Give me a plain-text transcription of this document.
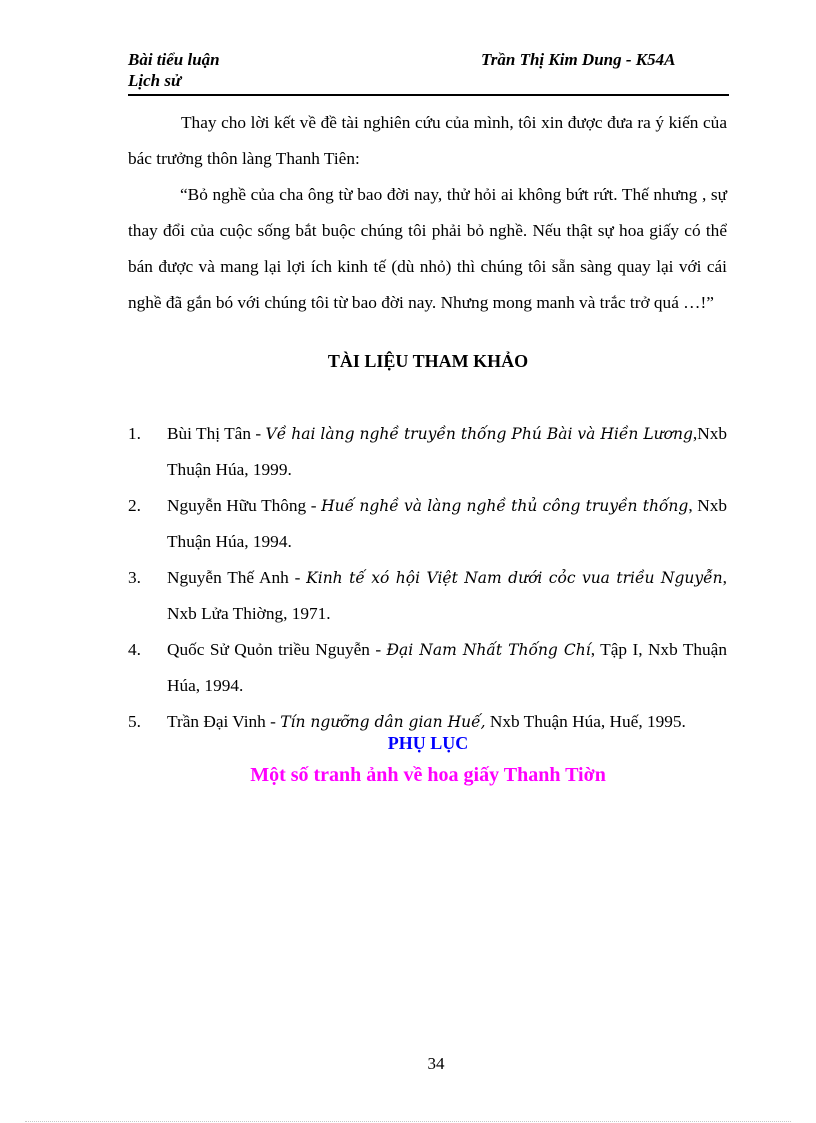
Bài tiểu luận
Lịch sử
Trần Thị Kim Dung - K54A

Thay cho lời kết về đề tài nghiên cứu của mình, tôi xin được đưa ra ý kiến của bác trưởng thôn làng Thanh Tiên:

“Bỏ nghề của cha ông từ bao đời nay, thử hỏi ai không bứt rứt. Thế nhưng , sự thay đổi của cuộc sống bắt buộc chúng tôi phải bỏ nghề. Nếu thật sự hoa giấy có thể bán được và mang lại lợi ích kinh tế (dù nhỏ) thì chúng tôi sẵn sàng quay lại với cái nghề đã gắn bó với chúng tôi từ bao đời nay. Nhưng mong manh và trắc trở quá …!”

TÀI LIỆU THAM KHẢO
1. Bùi Thị Tân - Về hai làng nghề truyền thống Phú Bài và Hiền Lương,Nxb Thuận Húa, 1999.
2. Nguyễn Hữu Thông - Huế nghề và làng nghề thủ công truyền thống, Nxb Thuận Húa, 1994.
3. Nguyễn Thế Anh - Kinh tế xó hội Việt Nam dưới cỏc vua triều Nguyễn, Nxb Lửa Thiờng, 1971.
4. Quốc Sử Quỏn triều Nguyễn - Đại Nam Nhất Thống Chí, Tập I, Nxb Thuận Húa, 1994.
5. Trần Đại Vinh - Tín ngưỡng dân gian Huế, Nxb Thuận Húa, Huế, 1995.
PHỤ LỤC
Một số tranh ảnh về hoa giấy Thanh Tiờn
34
